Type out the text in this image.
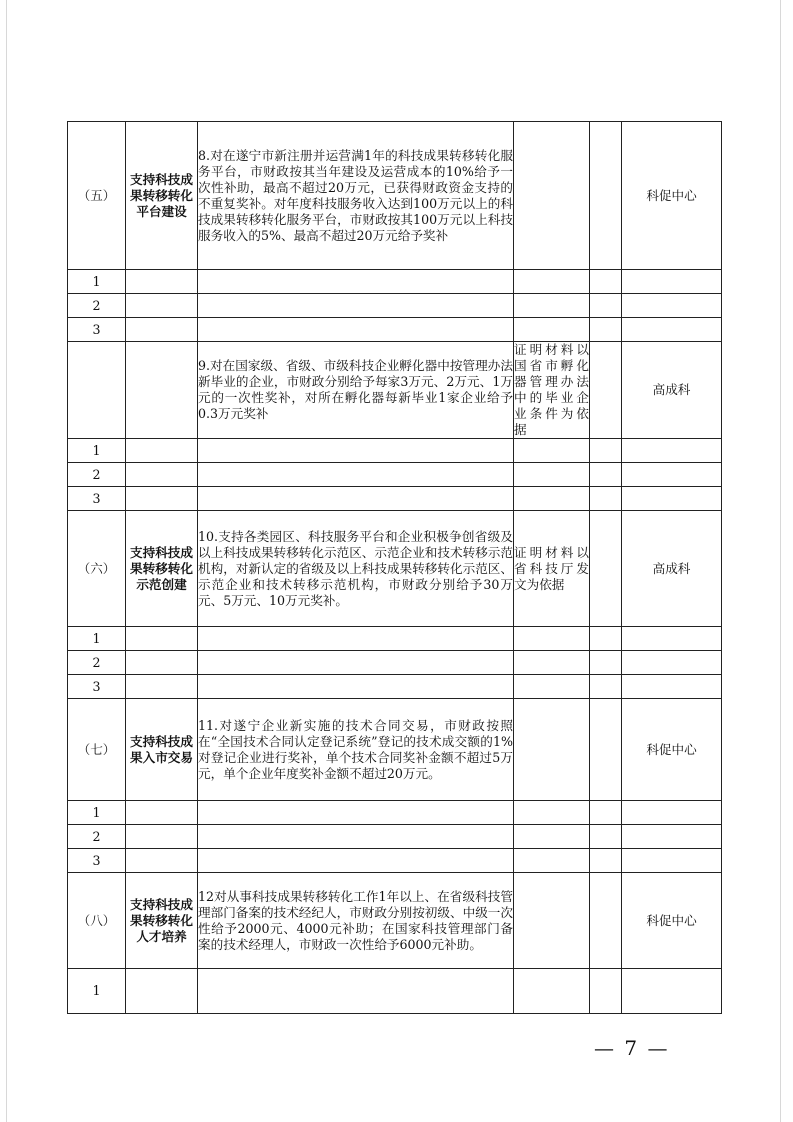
（五）	支持科技成果转移转化平台建设	8.对在遂宁市新注册并运营满1年的科技成果转移转化服务平台，市财政按其当年建设及运营成本的10%给予一次性补助，最高不超过20万元，已获得财政资金支持的不重复奖补。对年度科技服务收入达到100万元以上的科技成果转移转化服务平台，市财政按其100万元以上科技服务收入的5%、最高不超过20万元给予奖补			科促中心
1					
2					
3					
		9.对在国家级、省级、市级科技企业孵化器中按管理办法新毕业的企业，市财政分别给予每家3万元、2万元、1万元的一次性奖补，对所在孵化器每新毕业1家企业给予0.3万元奖补	证明材料以国省市孵化器管理办法中的毕业企业条件为依据		高成科
1					
2					
3					
（六）	支持科技成果转移转化示范创建	10.支持各类园区、科技服务平台和企业积极争创省级及以上科技成果转移转化示范区、示范企业和技术转移示范机构，对新认定的省级及以上科技成果转移转化示范区、示范企业和技术转移示范机构，市财政分别给予30万元、5万元、10万元奖补。	证明材料以省科技厅发文为依据		高成科
1					
2					
3					
（七）	支持科技成果入市交易	11.对遂宁企业新实施的技术合同交易，市财政按照在“全国技术合同认定登记系统”登记的技术成交额的1%对登记企业进行奖补，单个技术合同奖补金额不超过5万元，单个企业年度奖补金额不超过20万元。			科促中心
1					
2					
3					
（八）	支持科技成果转移转化人才培养	12对从事科技成果转移转化工作1年以上、在省级科技管理部门备案的技术经纪人，市财政分别按初级、中级一次性给予2000元、4000元补助；在国家科技管理部门备案的技术经理人，市财政一次性给予6000元补助。			科促中心
1					
— 7 —
